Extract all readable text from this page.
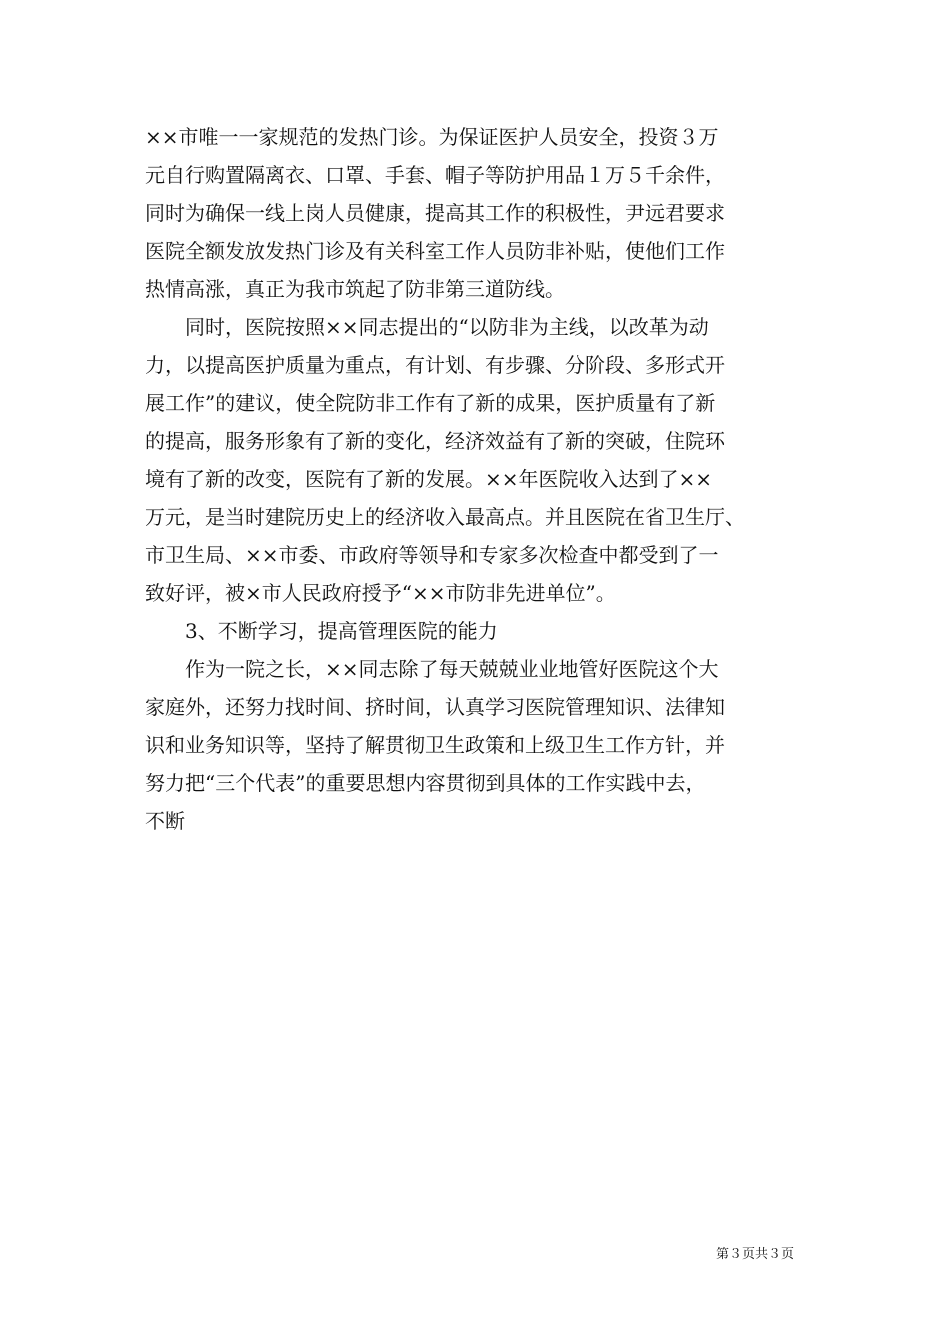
××市唯一一家规范的发热门诊。为保证医护人员安全，投资３万
元自行购置隔离衣、口罩、手套、帽子等防护用品１万５千余件，
同时为确保一线上岗人员健康，提高其工作的积极性，尹远君要求
医院全额发放发热门诊及有关科室工作人员防非补贴，使他们工作
热情高涨，真正为我市筑起了防非第三道防线。
　　同时，医院按照××同志提出的“以防非为主线，以改革为动
力，以提高医护质量为重点，有计划、有步骤、分阶段、多形式开
展工作”的建议，使全院防非工作有了新的成果，医护质量有了新
的提高，服务形象有了新的变化，经济效益有了新的突破，住院环
境有了新的改变，医院有了新的发展。××年医院收入达到了××
万元，是当时建院历史上的经济收入最高点。并且医院在省卫生厅、
市卫生局、××市委、市政府等领导和专家多次检查中都受到了一
致好评，被×市人民政府授予“××市防非先进单位”。
　　3、不断学习，提高管理医院的能力
　　作为一院之长，××同志除了每天兢兢业业地管好医院这个大
家庭外，还努力找时间、挤时间，认真学习医院管理知识、法律知
识和业务知识等，坚持了解贯彻卫生政策和上级卫生工作方针，并
努力把“三个代表”的重要思想内容贯彻到具体的工作实践中去，
不断
第３页共３页
